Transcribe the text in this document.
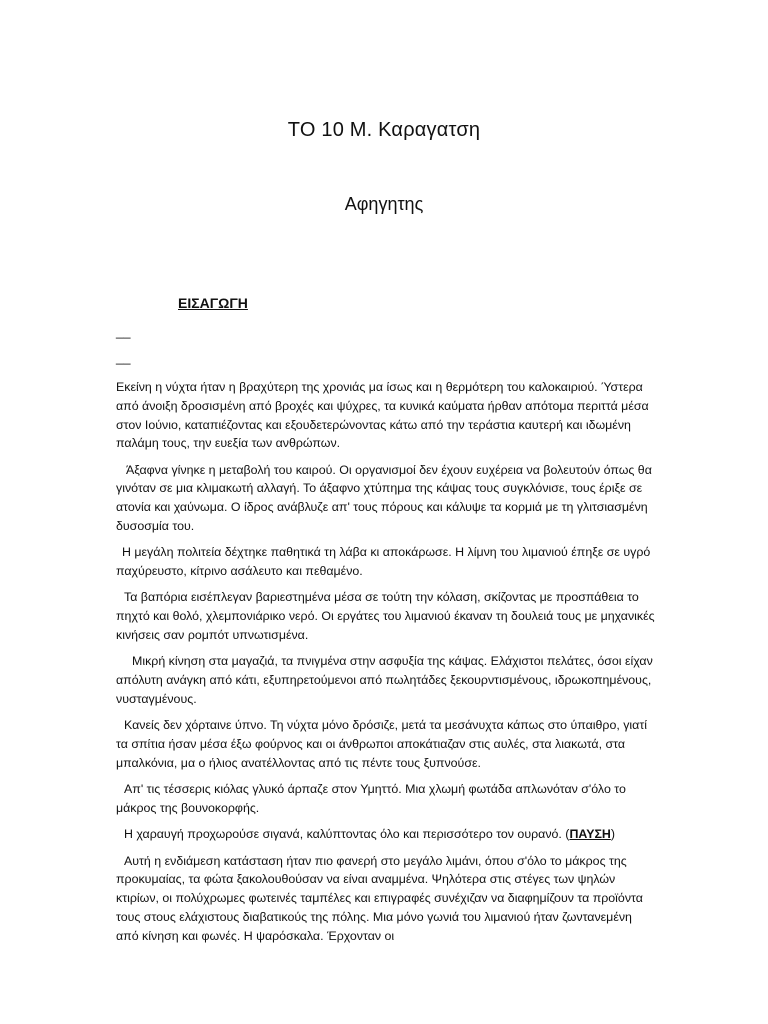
ΤΟ 10 Μ. Καραγατση
Αφηγητης
ΕΙΣΑΓΩΓΗ
__
__

Εκείνη η νύχτα ήταν η βραχύτερη της χρονιάς μα ίσως και η θερμότερη του καλοκαιριού. Ύστερα από άνοιξη δροσισμένη από βροχές και ψύχρες, τα κυνικά καύματα ήρθαν απότομα περιττά μέσα στον Ιούνιο, καταπιέζοντας και εξουδετερώνοντας κάτω από την τεράστια καυτερή και ιδωμένη παλάμη τους, την ευεξία των ανθρώπων.

Άξαφνα γίνηκε η μεταβολή του καιρού. Οι οργανισμοί δεν έχουν ευχέρεια να βολευτούν όπως θα γινόταν σε μια κλιμακωτή αλλαγή. Το άξαφνο χτύπημα της κάψας τους συγκλόνισε, τους έριξε σε ατονία και χαύνωμα. Ο ίδρος ανάβλυζε απ' τους πόρους και κάλυψε τα κορμιά με τη γλιτσιασμένη δυσοσμία του.

Η μεγάλη πολιτεία δέχτηκε παθητικά τη λάβα κι αποκάρωσε. Η λίμνη του λιμανιού έπηξε σε υγρό παχύρευστο, κίτρινο ασάλευτο και πεθαμένο.

Τα βαπόρια εισέπλεγαν βαριεστημένα μέσα σε τούτη την κόλαση, σκίζοντας με προσπάθεια το πηχτό και θολό, χλεμπονιάρικο νερό. Οι εργάτες του λιμανιού έκαναν τη δουλειά τους με μηχανικές κινήσεις σαν ρομπότ υπνωτισμένα.

Μικρή κίνηση στα μαγαζιά, τα πνιγμένα στην ασφυξία της κάψας. Ελάχιστοι πελάτες, όσοι είχαν απόλυτη ανάγκη από κάτι, εξυπηρετούμενοι από πωλητάδες ξεκουρντισμένους, ιδρωκοπημένους, νυσταγμένους.

Κανείς δεν χόρταινε ύπνο. Τη νύχτα μόνο δρόσιζε, μετά τα μεσάνυχτα κάπως στο ύπαιθρο, γιατί τα σπίτια ήσαν μέσα έξω φούρνος και οι άνθρωποι αποκάτιαζαν στις αυλές, στα λιακωτά, στα μπαλκόνια, μα ο ήλιος ανατέλλοντας από τις πέντε τους ξυπνούσε.

Απ' τις τέσσερις κιόλας γλυκό άρπαζε στον Υμηττό. Μια χλωμή φωτάδα απλωνόταν σ'όλο το μάκρος της βουνοκορφής.

Η χαραυγή προχωρούσε σιγανά, καλύπτοντας όλο και περισσότερο τον ουρανό. (ΠΑΥΣΗ)

Αυτή η ενδιάμεση κατάσταση ήταν πιο φανερή στο μεγάλο λιμάνι, όπου σ'όλο το μάκρος της προκυμαίας, τα φώτα ξακολουθούσαν να είναι αναμμένα. Ψηλότερα στις στέγες των ψηλών κτιρίων, οι πολύχρωμες φωτεινές ταμπέλες και επιγραφές συνέχιζαν να διαφημίζουν τα προϊόντα τους στους ελάχιστους διαβατικούς της πόλης. Μια μόνο γωνιά του λιμανιού ήταν ζωντανεμένη από κίνηση και φωνές. Η ψαρόσκαλα. Έρχονταν οι
